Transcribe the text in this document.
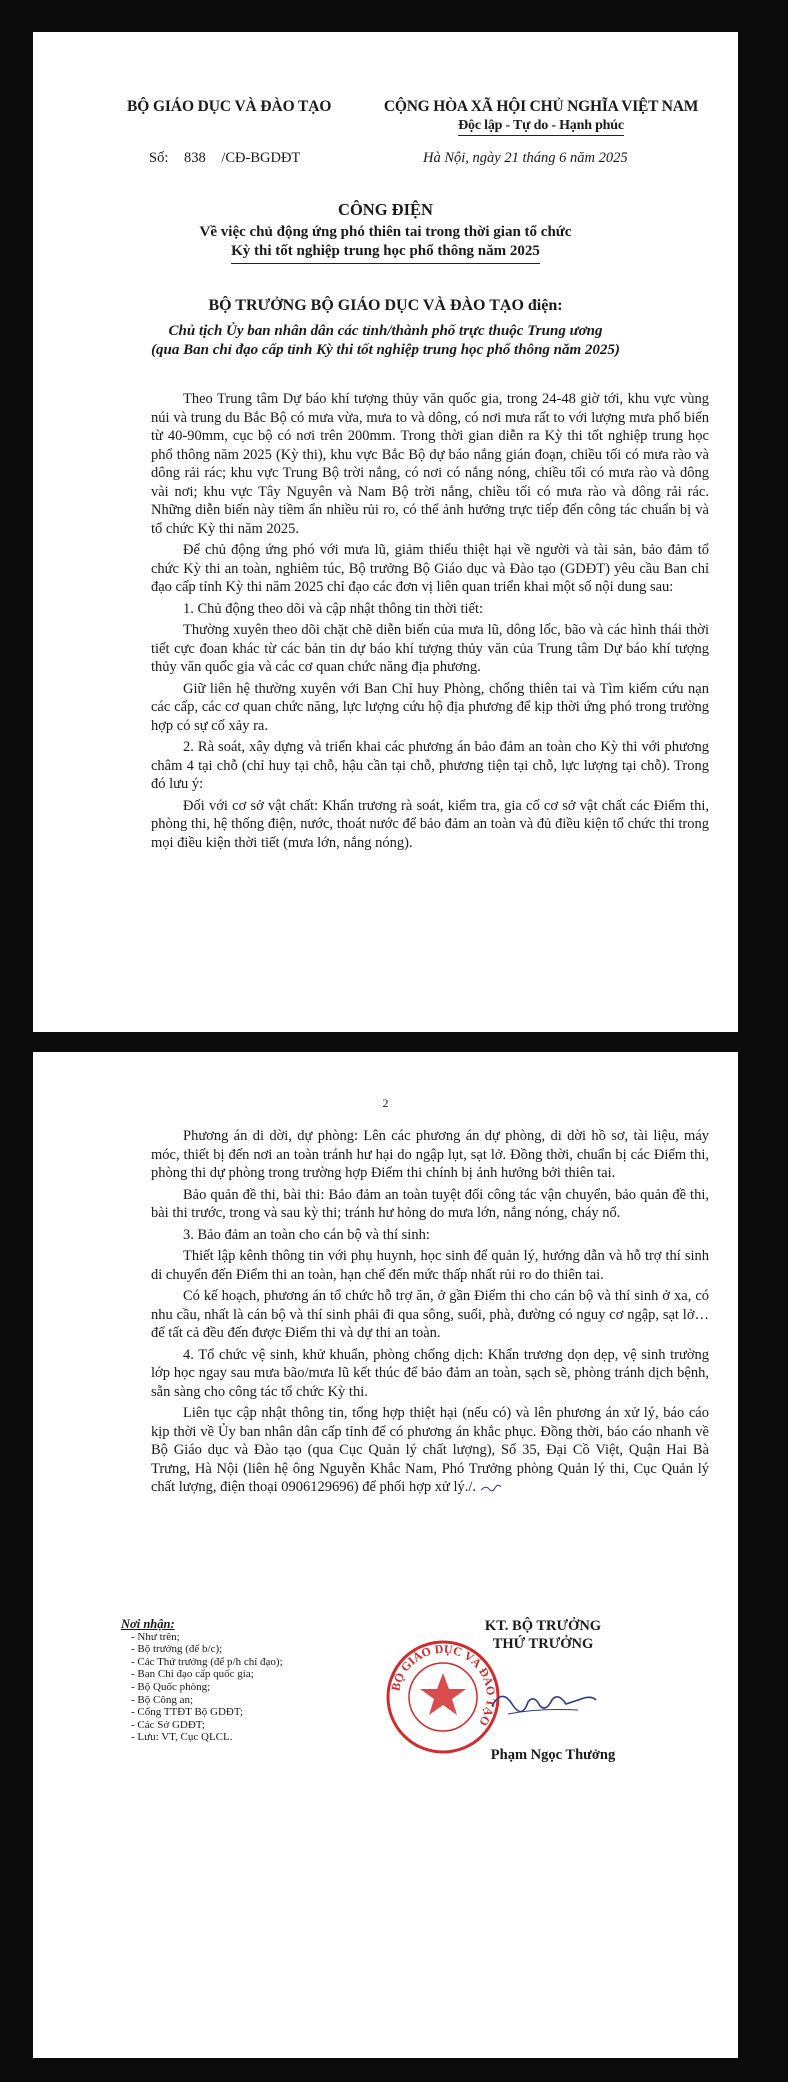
BỘ GIÁO DỤC VÀ ĐÀO TẠO	CỘNG HÒA XÃ HỘI CHỦ NGHĨA VIỆT NAM
Độc lập - Tự do - Hạnh phúc
Số: 838 /CĐ-BGDĐT	Hà Nội, ngày 21 tháng 6 năm 2025
CÔNG ĐIỆN
Về việc chủ động ứng phó thiên tai trong thời gian tổ chức
Kỳ thi tốt nghiệp trung học phổ thông năm 2025
BỘ TRƯỞNG BỘ GIÁO DỤC VÀ ĐÀO TẠO điện:
Chủ tịch Ủy ban nhân dân các tỉnh/thành phố trực thuộc Trung ương
(qua Ban chỉ đạo cấp tỉnh Kỳ thi tốt nghiệp trung học phổ thông năm 2025)

Theo Trung tâm Dự báo khí tượng thủy văn quốc gia, trong 24-48 giờ tới, khu vực vùng núi và trung du Bắc Bộ có mưa vừa, mưa to và dông, có nơi mưa rất to với lượng mưa phổ biến từ 40-90mm, cục bộ có nơi trên 200mm. Trong thời gian diễn ra Kỳ thi tốt nghiệp trung học phổ thông năm 2025 (Kỳ thi), khu vực Bắc Bộ dự báo nắng gián đoạn, chiều tối có mưa rào và dông rải rác; khu vực Trung Bộ trời nắng, có nơi có nắng nóng, chiều tối có mưa rào và dông vài nơi; khu vực Tây Nguyên và Nam Bộ trời nắng, chiều tối có mưa rào và dông rải rác. Những diễn biến này tiềm ẩn nhiều rủi ro, có thể ảnh hưởng trực tiếp đến công tác chuẩn bị và tổ chức Kỳ thi năm 2025.

Để chủ động ứng phó với mưa lũ, giảm thiểu thiệt hại về người và tài sản, bảo đảm tổ chức Kỳ thi an toàn, nghiêm túc, Bộ trưởng Bộ Giáo dục và Đào tạo (GDĐT) yêu cầu Ban chỉ đạo cấp tỉnh Kỳ thi năm 2025 chỉ đạo các đơn vị liên quan triển khai một số nội dung sau:

1. Chủ động theo dõi và cập nhật thông tin thời tiết:

Thường xuyên theo dõi chặt chẽ diễn biến của mưa lũ, dông lốc, bão và các hình thái thời tiết cực đoan khác từ các bản tin dự báo khí tượng thủy văn của Trung tâm Dự báo khí tượng thủy văn quốc gia và các cơ quan chức năng địa phương.

Giữ liên hệ thường xuyên với Ban Chỉ huy Phòng, chống thiên tai và Tìm kiếm cứu nạn các cấp, các cơ quan chức năng, lực lượng cứu hộ địa phương để kịp thời ứng phó trong trường hợp có sự cố xảy ra.

2. Rà soát, xây dựng và triển khai các phương án bảo đảm an toàn cho Kỳ thi với phương châm 4 tại chỗ (chỉ huy tại chỗ, hậu cần tại chỗ, phương tiện tại chỗ, lực lượng tại chỗ). Trong đó lưu ý:

Đối với cơ sở vật chất: Khẩn trương rà soát, kiểm tra, gia cố cơ sở vật chất các Điểm thi, phòng thi, hệ thống điện, nước, thoát nước để bảo đảm an toàn và đủ điều kiện tổ chức thi trong mọi điều kiện thời tiết (mưa lớn, nắng nóng).

2

Phương án di dời, dự phòng: Lên các phương án dự phòng, di dời hồ sơ, tài liệu, máy móc, thiết bị đến nơi an toàn tránh hư hại do ngập lụt, sạt lở. Đồng thời, chuẩn bị các Điểm thi, phòng thi dự phòng trong trường hợp Điểm thi chính bị ảnh hưởng bởi thiên tai.

Bảo quản đề thi, bài thi: Bảo đảm an toàn tuyệt đối công tác vận chuyển, bảo quản đề thi, bài thi trước, trong và sau kỳ thi; tránh hư hỏng do mưa lớn, nắng nóng, cháy nổ.

3. Bảo đảm an toàn cho cán bộ và thí sinh:

Thiết lập kênh thông tin với phụ huynh, học sinh để quản lý, hướng dẫn và hỗ trợ thí sinh di chuyển đến Điểm thi an toàn, hạn chế đến mức thấp nhất rủi ro do thiên tai.

Có kế hoạch, phương án tổ chức hỗ trợ ăn, ở gần Điểm thi cho cán bộ và thí sinh ở xa, có nhu cầu, nhất là cán bộ và thí sinh phải đi qua sông, suối, phà, đường có nguy cơ ngập, sạt lở… để tất cả đều đến được Điểm thi và dự thi an toàn.

4. Tổ chức vệ sinh, khử khuẩn, phòng chống dịch: Khẩn trương dọn dẹp, vệ sinh trường lớp học ngay sau mưa bão/mưa lũ kết thúc để bảo đảm an toàn, sạch sẽ, phòng tránh dịch bệnh, sẵn sàng cho công tác tổ chức Kỳ thi.

Liên tục cập nhật thông tin, tổng hợp thiệt hại (nếu có) và lên phương án xử lý, báo cáo kịp thời về Ủy ban nhân dân cấp tỉnh để có phương án khắc phục. Đồng thời, báo cáo nhanh về Bộ Giáo dục và Đào tạo (qua Cục Quản lý chất lượng), Số 35, Đại Cồ Việt, Quận Hai Bà Trưng, Hà Nội (liên hệ ông Nguyễn Khắc Nam, Phó Trưởng phòng Quản lý thi, Cục Quản lý chất lượng, điện thoại 0906129696) để phối hợp xử lý./.

Nơi nhận:
- Như trên;
- Bộ trưởng (để b/c);
- Các Thứ trưởng (để p/h chỉ đạo);
- Ban Chỉ đạo cấp quốc gia;
- Bộ Quốc phòng;
- Bộ Công an;
- Cổng TTĐT Bộ GDĐT;
- Các Sở GDĐT;
- Lưu: VT, Cục QLCL.
KT. BỘ TRƯỞNG
THỨ TRƯỞNG
BỘ GIÁO DỤC VÀ ĐÀO TẠO
Phạm Ngọc Thưởng
